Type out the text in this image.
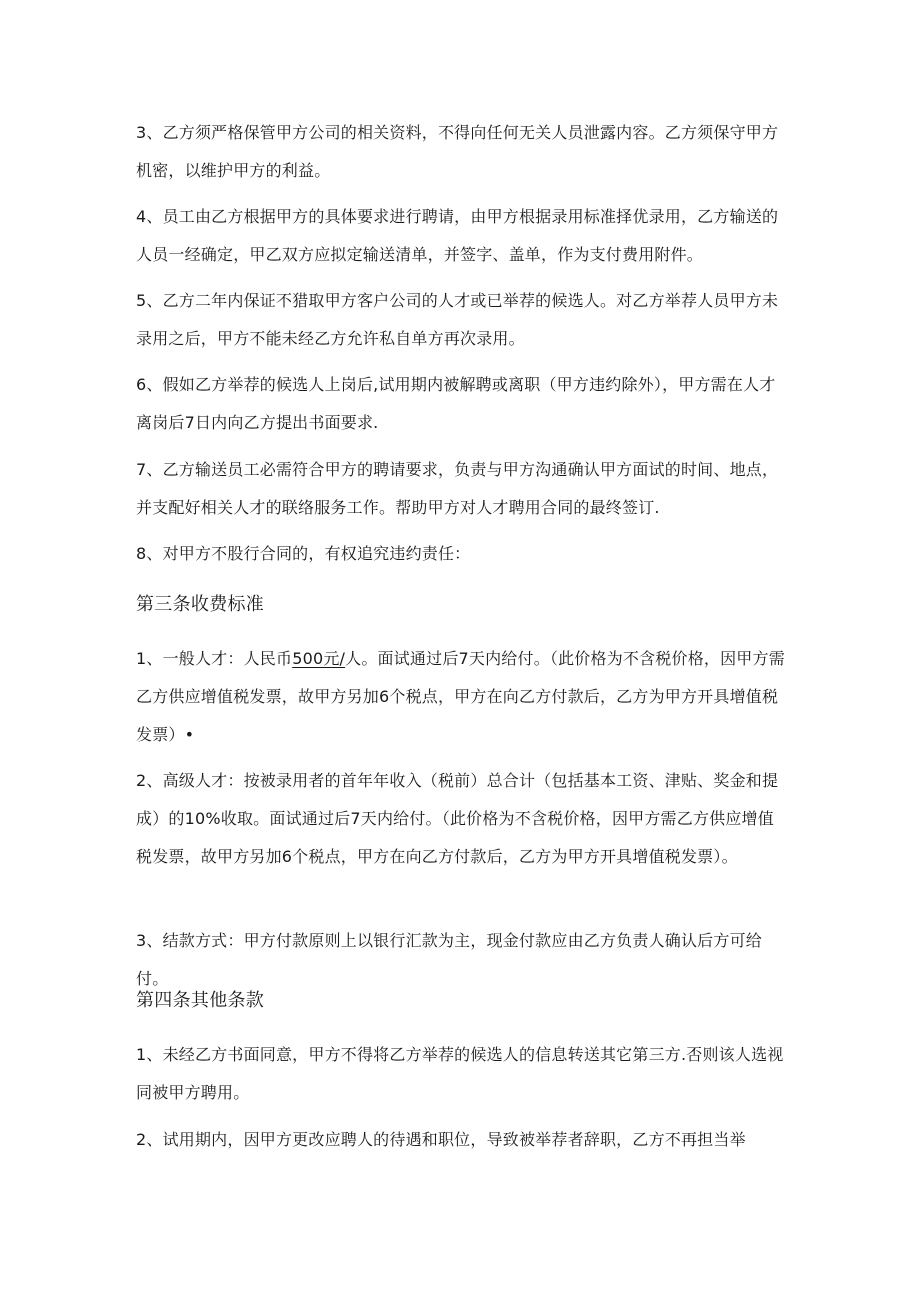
3、乙方须严格保管甲方公司的相关资料，不得向任何无关人员泄露内容。乙方须保守甲方机密，以维护甲方的利益。

4、员工由乙方根据甲方的具体要求进行聘请，由甲方根据录用标准择优录用，乙方输送的人员一经确定，甲乙双方应拟定输送清单，并签字、盖单，作为支付费用附件。

5、乙方二年内保证不猎取甲方客户公司的人才或已举荐的候选人。对乙方举荐人员甲方未录用之后，甲方不能未经乙方允许私自单方再次录用。

6、假如乙方举荐的候选人上岗后,试用期内被解聘或离职（甲方违约除外），甲方需在人才离岗后7日内向乙方提出书面要求.

7、乙方输送员工必需符合甲方的聘请要求，负责与甲方沟通确认甲方面试的时间、地点，并支配好相关人才的联络服务工作。帮助甲方对人才聘用合同的最终签订.

8、对甲方不股行合同的，有权追究违约责任：

第三条收费标准

1、一般人才：人民币500元/人。面试通过后7天内给付。（此价格为不含税价格，因甲方需乙方供应增值税发票，故甲方另加6个税点，甲方在向乙方付款后，乙方为甲方开具增值税发票）•

2、高级人才：按被录用者的首年年收入（税前）总合计（包括基本工资、津贴、奖金和提成）的10%收取。面试通过后7天内给付。（此价格为不含税价格，因甲方需乙方供应增值税发票，故甲方另加6个税点，甲方在向乙方付款后，乙方为甲方开具增值税发票）。

3、结款方式：甲方付款原则上以银行汇款为主，现金付款应由乙方负责人确认后方可给付。

第四条其他条款

1、未经乙方书面同意，甲方不得将乙方举荐的候选人的信息转送其它第三方.否则该人选视同被甲方聘用。

2、试用期内，因甲方更改应聘人的待遇和职位，导致被举荐者辞职，乙方不再担当举
